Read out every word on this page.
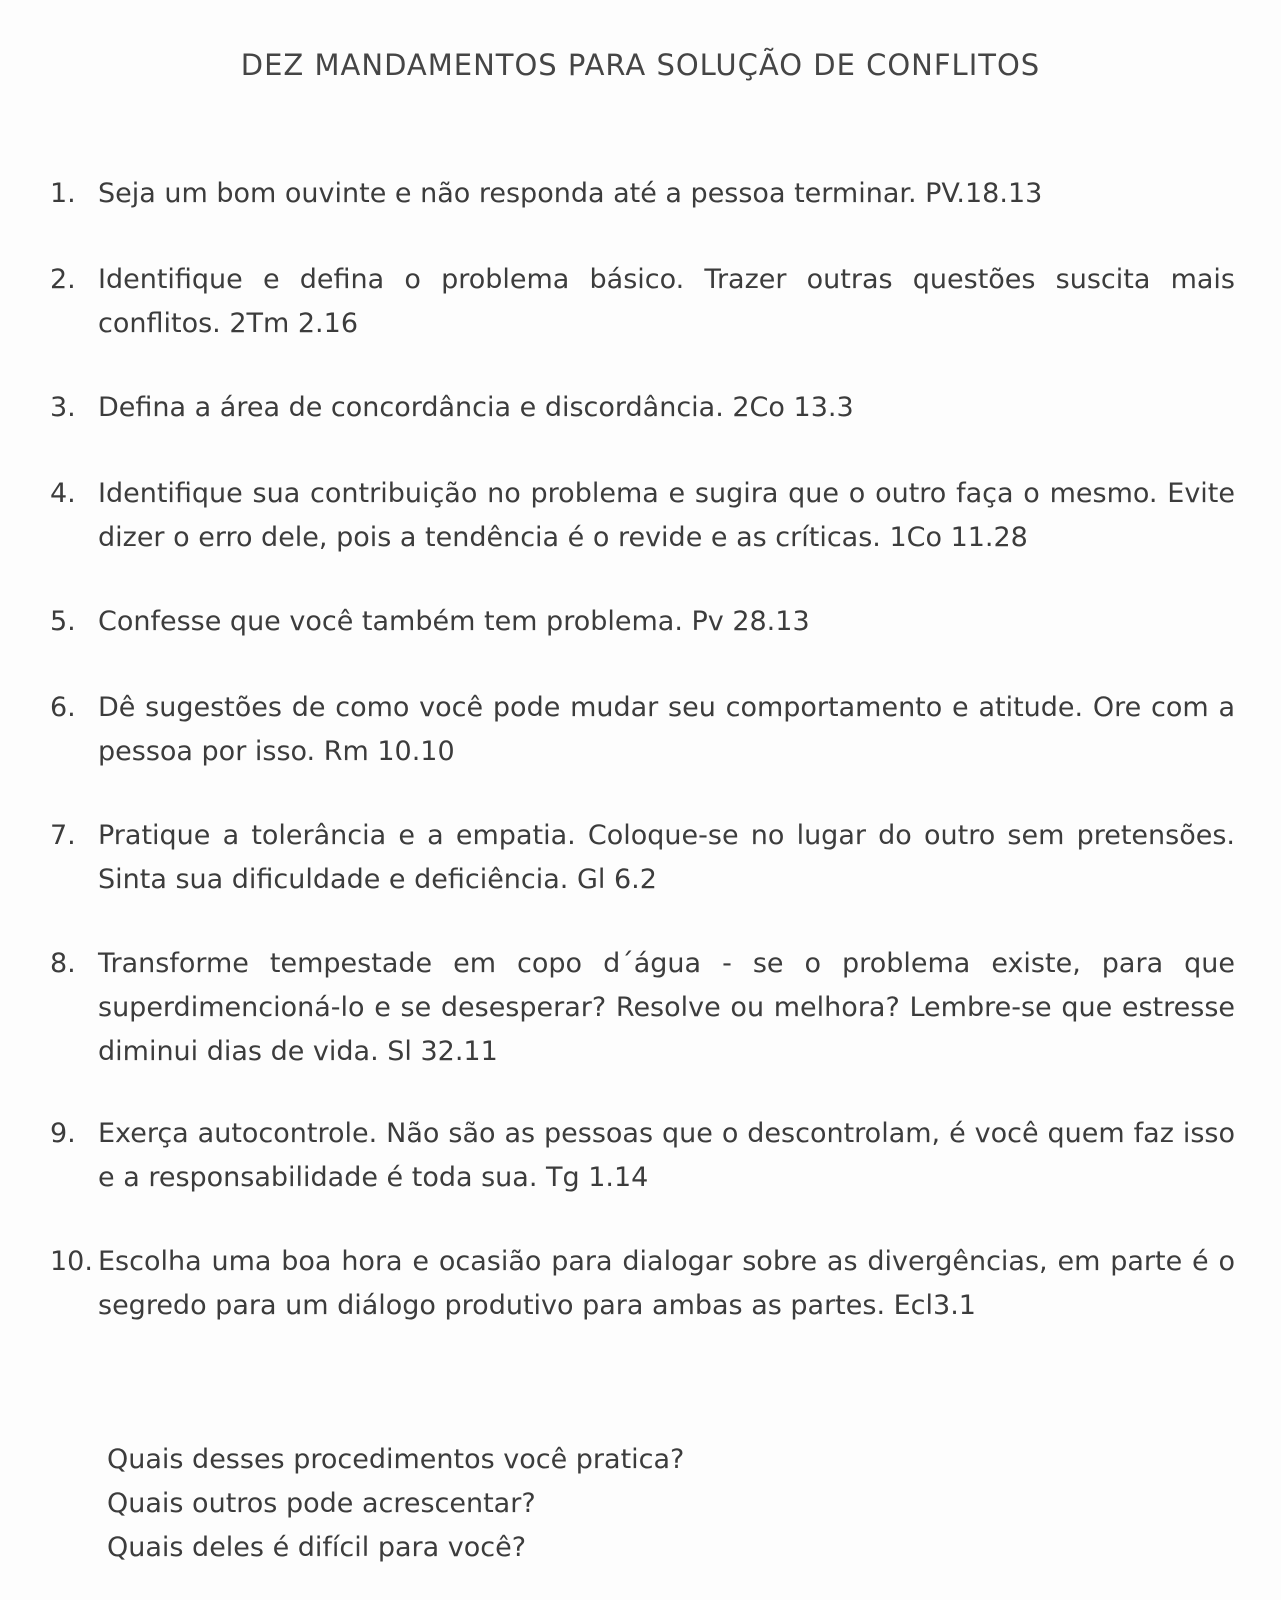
DEZ MANDAMENTOS PARA SOLUÇÃO DE CONFLITOS
1. Seja um bom ouvinte e não responda até a pessoa terminar. PV.18.13
2. Identifique e defina o problema básico. Trazer outras questões suscita mais conflitos. 2Tm 2.16
3. Defina a área de concordância e discordância. 2Co 13.3
4. Identifique sua contribuição no problema e sugira que o outro faça o mesmo. Evite dizer o erro dele, pois a tendência é o revide e as críticas. 1Co 11.28
5. Confesse que você também tem problema. Pv 28.13
6. Dê sugestões de como você pode mudar seu comportamento e atitude. Ore com a pessoa por isso. Rm 10.10
7. Pratique a tolerância e a empatia. Coloque-se no lugar do outro sem pretensões. Sinta sua dificuldade e deficiência. Gl 6.2
8. Transforme tempestade em copo d´água - se o problema existe, para que superdimencioná-lo e se desesperar? Resolve ou melhora? Lembre-se que estresse diminui dias de vida. Sl 32.11
9. Exerça autocontrole. Não são as pessoas que o descontrolam, é você quem faz isso e a responsabilidade é toda sua. Tg 1.14
10. Escolha uma boa hora e ocasião para dialogar sobre as divergências, em parte é o segredo para um diálogo produtivo para ambas as partes. Ecl3.1
Quais desses procedimentos você pratica?
Quais outros pode acrescentar?
Quais deles é difícil para você?
